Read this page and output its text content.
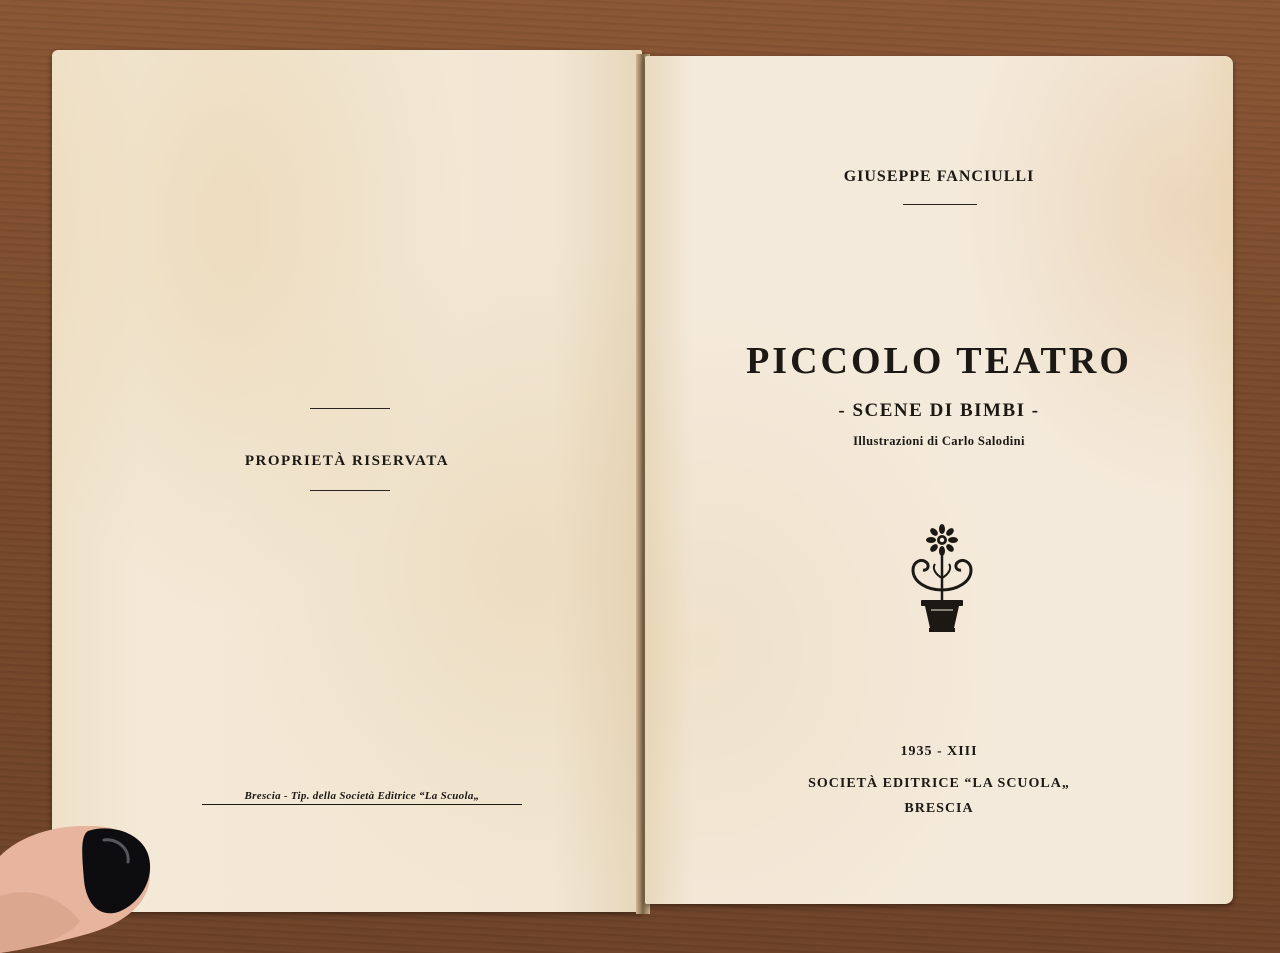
PROPRIETÀ RISERVATA
Brescia - Tip. della Società Editrice “La Scuola„
GIUSEPPE FANCIULLI
PICCOLO TEATRO
- SCENE DI BIMBI -
Illustrazioni di Carlo Salodini
1935 - XIII
SOCIETÀ EDITRICE “LA SCUOLA„
BRESCIA
